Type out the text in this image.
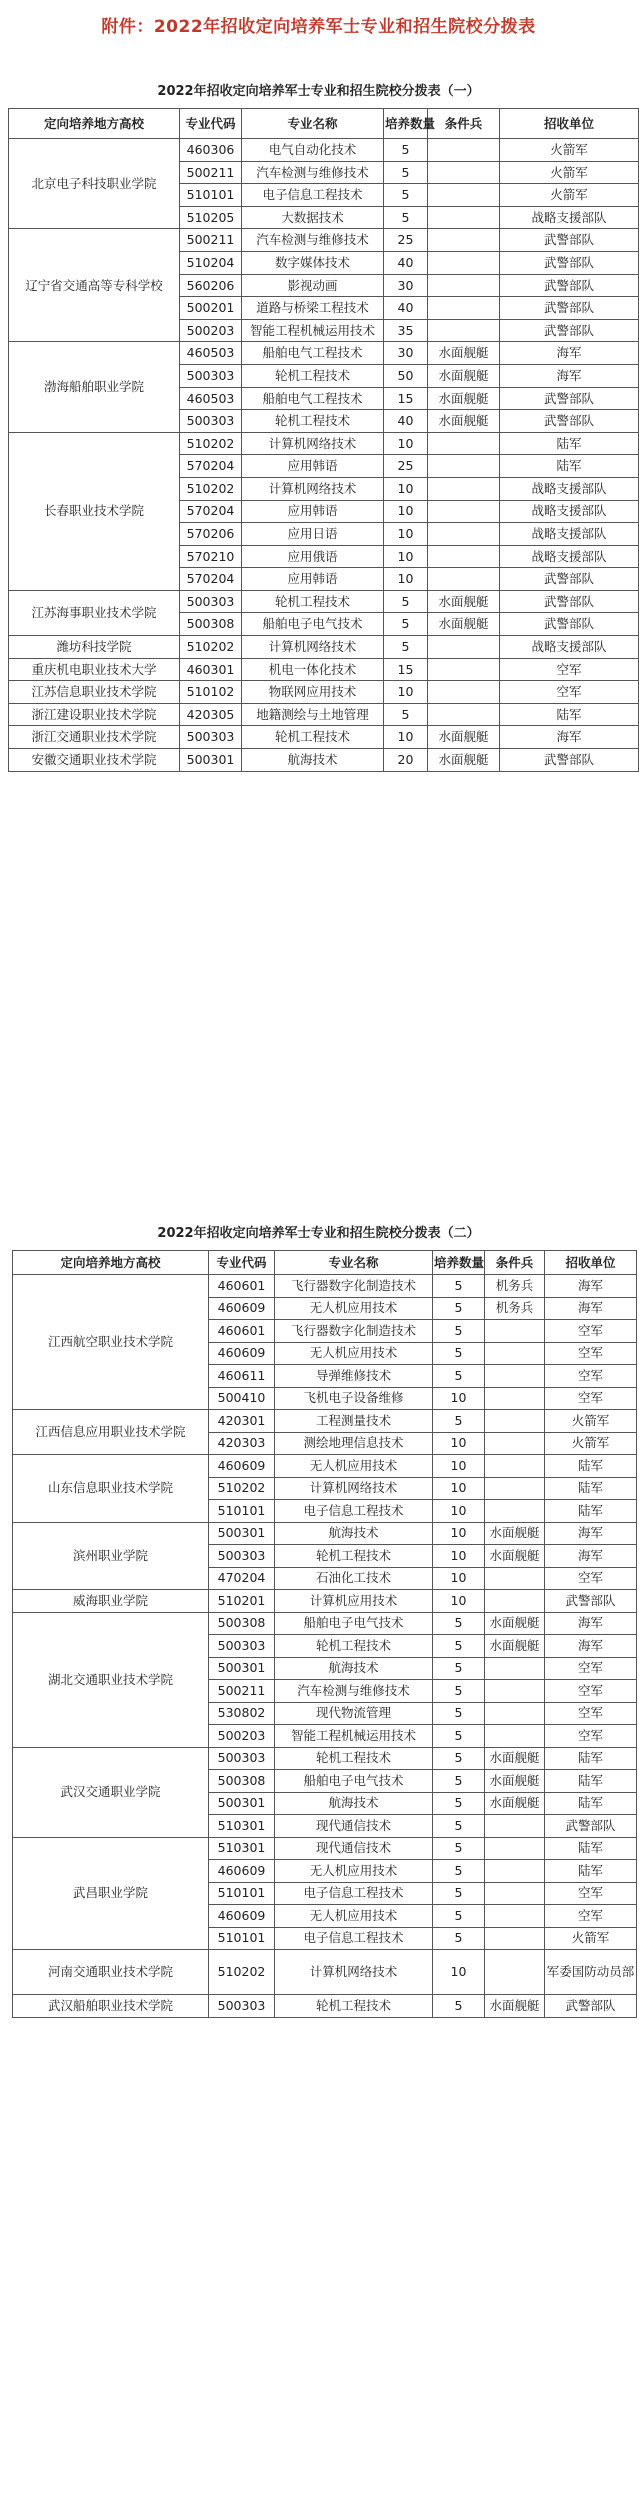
附件：2022年招收定向培养军士专业和招生院校分拨表
2022年招收定向培养军士专业和招生院校分拨表（一）
定向培养地方高校	专业代码	专业名称	培养数量	条件兵	招收单位
北京电子科技职业学院	460306	电气自动化技术	5		火箭军
	500211	汽车检测与维修技术	5		火箭军
	510101	电子信息工程技术	5		火箭军
	510205	大数据技术	5		战略支援部队
辽宁省交通高等专科学校	500211	汽车检测与维修技术	25		武警部队
	510204	数字媒体技术	40		武警部队
	560206	影视动画	30		武警部队
	500201	道路与桥梁工程技术	40		武警部队
	500203	智能工程机械运用技术	35		武警部队
渤海船舶职业学院	460503	船舶电气工程技术	30	水面舰艇	海军
	500303	轮机工程技术	50	水面舰艇	海军
	460503	船舶电气工程技术	15	水面舰艇	武警部队
	500303	轮机工程技术	40	水面舰艇	武警部队
长春职业技术学院	510202	计算机网络技术	10		陆军
	570204	应用韩语	25		陆军
	510202	计算机网络技术	10		战略支援部队
	570204	应用韩语	10		战略支援部队
	570206	应用日语	10		战略支援部队
	570210	应用俄语	10		战略支援部队
	570204	应用韩语	10		武警部队
江苏海事职业技术学院	500303	轮机工程技术	5	水面舰艇	武警部队
	500308	船舶电子电气技术	5	水面舰艇	武警部队
潍坊科技学院	510202	计算机网络技术	5		战略支援部队
重庆机电职业技术大学	460301	机电一体化技术	15		空军
江苏信息职业技术学院	510102	物联网应用技术	10		空军
浙江建设职业技术学院	420305	地籍测绘与土地管理	5		陆军
浙江交通职业技术学院	500303	轮机工程技术	10	水面舰艇	海军
安徽交通职业技术学院	500301	航海技术	20	水面舰艇	武警部队
2022年招收定向培养军士专业和招生院校分拨表（二）
定向培养地方高校	专业代码	专业名称	培养数量	条件兵	招收单位
江西航空职业技术学院	460601	飞行器数字化制造技术	5	机务兵	海军
	460609	无人机应用技术	5	机务兵	海军
	460601	飞行器数字化制造技术	5		空军
	460609	无人机应用技术	5		空军
	460611	导弹维修技术	5		空军
	500410	飞机电子设备维修	10		空军
江西信息应用职业技术学院	420301	工程测量技术	5		火箭军
	420303	测绘地理信息技术	10		火箭军
山东信息职业技术学院	460609	无人机应用技术	10		陆军
	510202	计算机网络技术	10		陆军
	510101	电子信息工程技术	10		陆军
滨州职业学院	500301	航海技术	10	水面舰艇	海军
	500303	轮机工程技术	10	水面舰艇	海军
	470204	石油化工技术	10		空军
威海职业学院	510201	计算机应用技术	10		武警部队
湖北交通职业技术学院	500308	船舶电子电气技术	5	水面舰艇	海军
	500303	轮机工程技术	5	水面舰艇	海军
	500301	航海技术	5		空军
	500211	汽车检测与维修技术	5		空军
	530802	现代物流管理	5		空军
	500203	智能工程机械运用技术	5		空军
武汉交通职业学院	500303	轮机工程技术	5	水面舰艇	陆军
	500308	船舶电子电气技术	5	水面舰艇	陆军
	500301	航海技术	5	水面舰艇	陆军
	510301	现代通信技术	5		武警部队
武昌职业学院	510301	现代通信技术	5		陆军
	460609	无人机应用技术	5		陆军
	510101	电子信息工程技术	5		空军
	460609	无人机应用技术	5		空军
	510101	电子信息工程技术	5		火箭军
河南交通职业技术学院	510202	计算机网络技术	10		军委国防动员部
武汉船舶职业技术学院	500303	轮机工程技术	5	水面舰艇	武警部队
